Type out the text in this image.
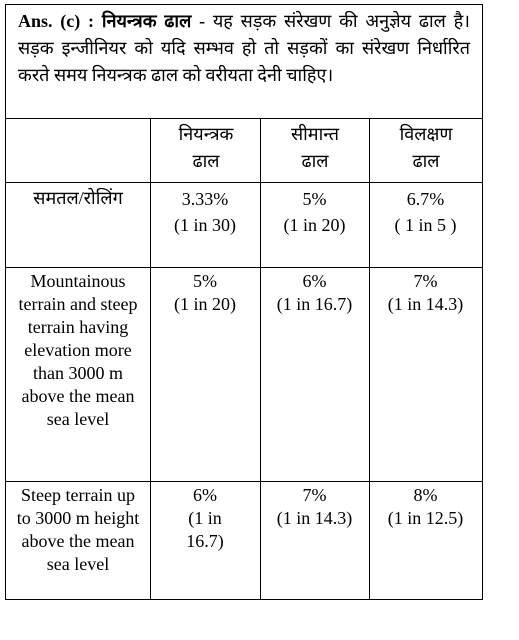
Ans. (c) : नियन्त्रक ढाल - यह सड़क संरेखण की अनुज्ञेय ढाल है। सड़क इन्जीनियर को यदि सम्भव हो तो सड़कों का संरेखण निर्धारित करते समय नियन्त्रक ढाल को वरीयता देनी चाहिए।
नियन्त्रक ढाल
सीमान्त ढाल
विलक्षण ढाल
समतल/रोलिंग	3.33%
(1 in 30)
5%
(1 in 20)
6.7%
( 1 in 5 )
Mountainous terrain and steep terrain having elevation more than 3000 m above the mean sea level
5%
(1 in 20)
6%
(1 in 16.7)
7%
(1 in 14.3)
Steep terrain up to 3000 m height above the mean sea level
6%
(1 in
16.7)
7%
(1 in 14.3)
8%
(1 in 12.5)
